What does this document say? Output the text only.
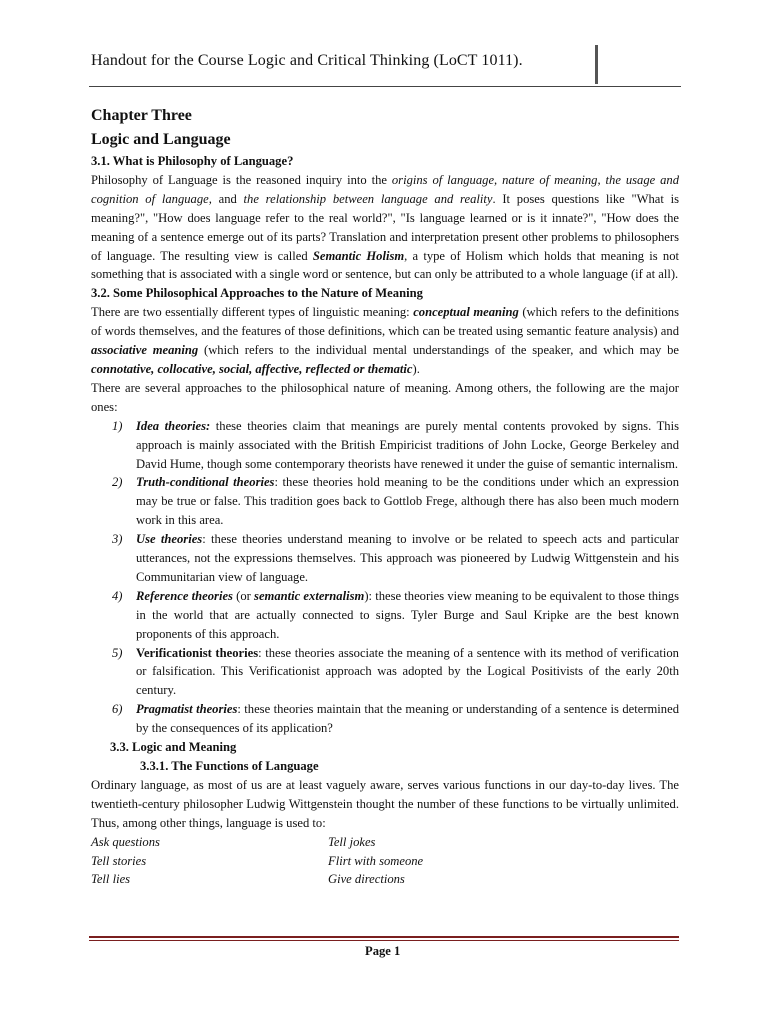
Handout for the Course Logic and Critical Thinking (LoCT 1011).
Chapter Three
Logic and Language
3.1. What is Philosophy of Language?

Philosophy of Language is the reasoned inquiry into the origins of language, nature of meaning, the usage and cognition of language, and the relationship between language and reality. It poses questions like "What is meaning?", "How does language refer to the real world?", "Is language learned or is it innate?", "How does the meaning of a sentence emerge out of its parts? Translation and interpretation present other problems to philosophers of language. The resulting view is called Semantic Holism, a type of Holism which holds that meaning is not something that is associated with a single word or sentence, but can only be attributed to a whole language (if at all).

3.2. Some Philosophical Approaches to the Nature of Meaning

There are two essentially different types of linguistic meaning: conceptual meaning (which refers to the definitions of words themselves, and the features of those definitions, which can be treated using semantic feature analysis) and associative meaning (which refers to the individual mental understandings of the speaker, and which may be connotative, collocative, social, affective, reflected or thematic).

There are several approaches to the philosophical nature of meaning. Among others, the following are the major ones:

1) Idea theories: these theories claim that meanings are purely mental contents provoked by signs. This approach is mainly associated with the British Empiricist traditions of John Locke, George Berkeley and David Hume, though some contemporary theorists have renewed it under the guise of semantic internalism.
2) Truth-conditional theories: these theories hold meaning to be the conditions under which an expression may be true or false. This tradition goes back to Gottlob Frege, although there has also been much modern work in this area.
3) Use theories: these theories understand meaning to involve or be related to speech acts and particular utterances, not the expressions themselves. This approach was pioneered by Ludwig Wittgenstein and his Communitarian view of language.
4) Reference theories (or semantic externalism): these theories view meaning to be equivalent to those things in the world that are actually connected to signs. Tyler Burge and Saul Kripke are the best known proponents of this approach.
5) Verificationist theories: these theories associate the meaning of a sentence with its method of verification or falsification. This Verificationist approach was adopted by the Logical Positivists of the early 20th century.
6) Pragmatist theories: these theories maintain that the meaning or understanding of a sentence is determined by the consequences of its application?
3.3. Logic and Meaning
3.3.1. The Functions of Language

Ordinary language, as most of us are at least vaguely aware, serves various functions in our day-to-day lives. The twentieth-century philosopher Ludwig Wittgenstein thought the number of these functions to be virtually unlimited. Thus, among other things, language is used to:

Ask questions	Tell jokes
Tell stories	Flirt with someone
Tell lies	Give directions
Page 1
